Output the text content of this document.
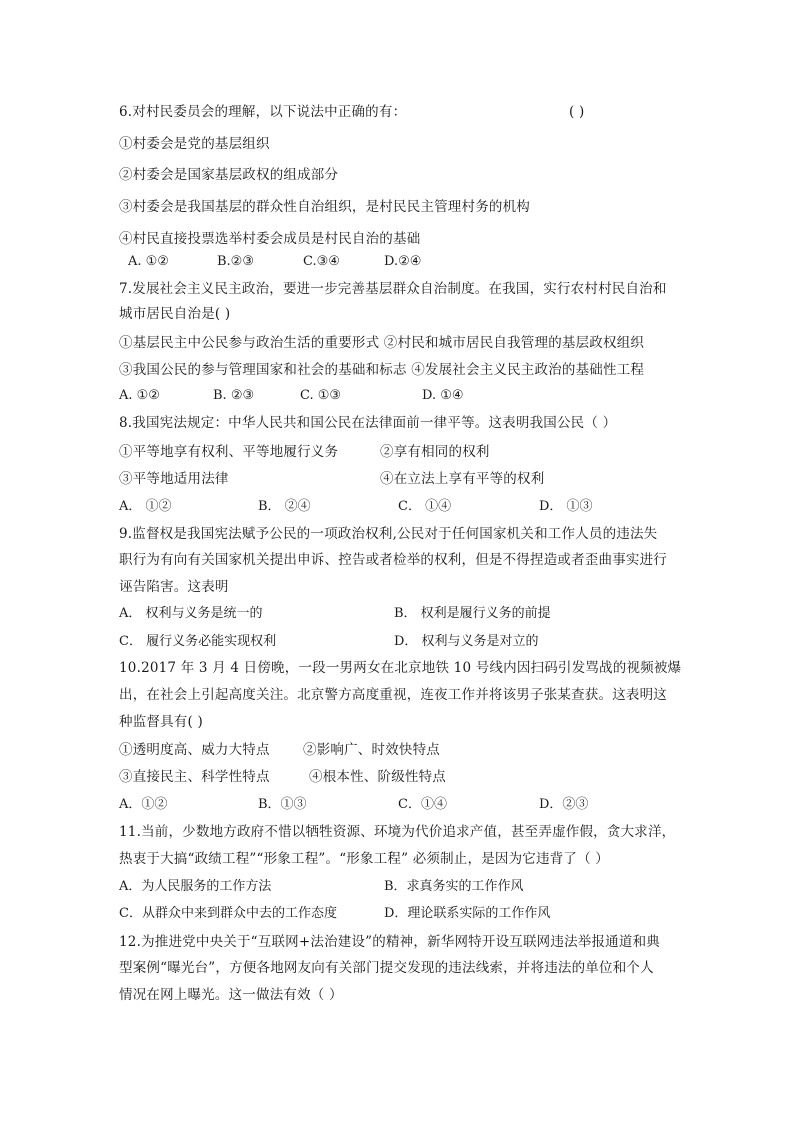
6.对村民委员会的理解，以下说法中正确的有：	( )
①村委会是党的基层组织
②村委会是国家基层政权的组成部分
③村委会是我国基层的群众性自治组织，是村民民主管理村务的机构
④村民直接投票选举村委会成员是村民自治的基础
A. ①②	B.②③	C.③④	D.②④
7.发展社会主义民主政治，要进一步完善基层群众自治制度。在我国，实行农村村民自治和
城市居民自治是( )
①基层民主中公民参与政治生活的重要形式 ②村民和城市居民自我管理的基层政权组织
③我国公民的参与管理国家和社会的基础和标志 ④发展社会主义民主政治的基础性工程
A. ①②	B. ②③	C. ①③	D. ①④
8.我国宪法规定：中华人民共和国公民在法律面前一律平等。这表明我国公民（ ）
①平等地享有权利、平等地履行义务	②享有相同的权利
③平等地适用法律	④在立法上享有平等的权利
A． ①②	B． ②④	C． ①④	D． ①③
9.监督权是我国宪法赋予公民的一项政治权利,公民对于任何国家机关和工作人员的违法失
职行为有向有关国家机关提出申诉、控告或者检举的权利，但是不得捏造或者歪曲事实进行
诬告陷害。这表明
A． 权利与义务是统一的	B． 权利是履行义务的前提
C． 履行义务必能实现权利	D． 权利与义务是对立的
10.2017 年 3 月 4 日傍晚，一段一男两女在北京地铁 10 号线内因扫码引发骂战的视频被爆
出，在社会上引起高度关注。北京警方高度重视，连夜工作并将该男子张某查获。这表明这
种监督具有( )
①透明度高、威力大特点 ②影响广、时效快特点
③直接民主、科学性特点	④根本性、阶级性特点
A．①②	B．①③	C．①④	D．②③
11.当前，少数地方政府不惜以牺牲资源、环境为代价追求产值，甚至弄虚作假，贪大求洋，
热衷于大搞“政绩工程”“形象工程”。“形象工程” 必须制止，是因为它违背了（ ）
A．为人民服务的工作方法	B．求真务实的工作作风
C．从群众中来到群众中去的工作态度	D．理论联系实际的工作作风
12.为推进党中央关于“互联网+法治建设”的精神，新华网特开设互联网违法举报通道和典
型案例“曝光台”，方便各地网友向有关部门提交发现的违法线索，并将违法的单位和个人
情况在网上曝光。这一做法有效（ ）
